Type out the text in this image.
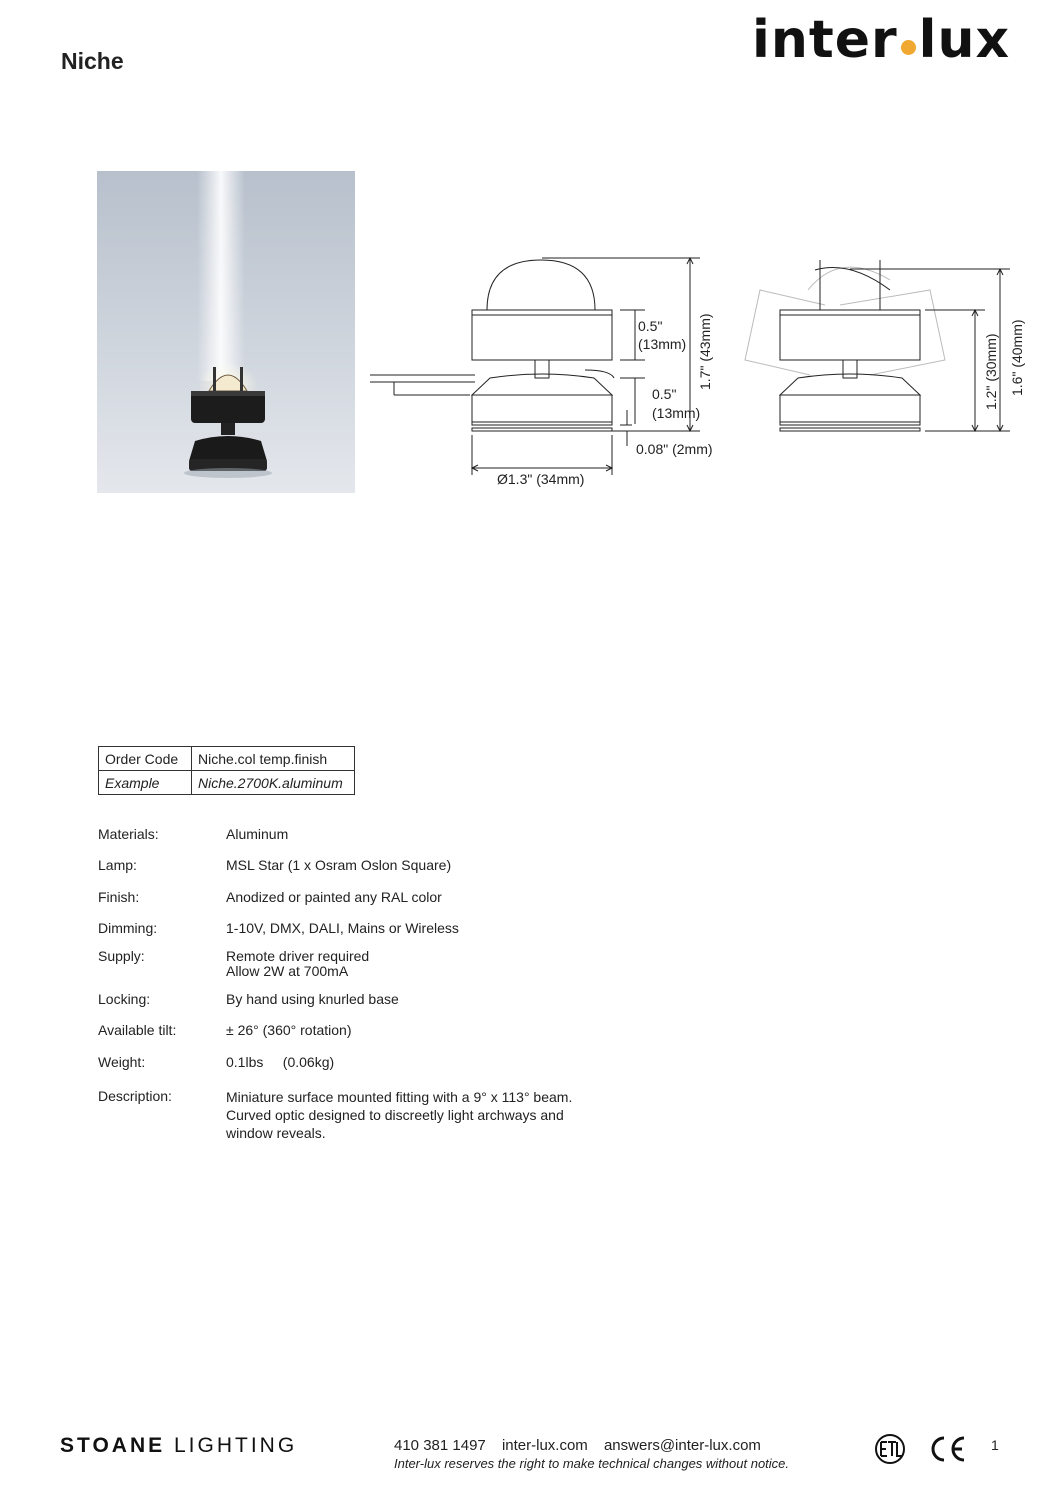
Niche	inter lux
0.5"
(13mm)
0.5"
(13mm)
0.08" (2mm)
Ø1.3" (34mm)
1.7" (43mm)	1.2" (30mm) 1.6" (40mm)
Order Code	Niche.col temp.finish
Example	Niche.2700K.aluminum
Materials:	Aluminum
Lamp:	MSL Star (1 x Osram Oslon Square)
Finish:	Anodized or painted any RAL color
Dimming:	1-10V, DMX, DALI, Mains or Wireless
Supply:	Remote driver required
Allow 2W at 700mA
Locking:	By hand using knurled base
Available tilt:	± 26° (360° rotation)
Weight:	0.1lbs     (0.06kg)
Description:	Miniature surface mounted fitting with a 9° x 113° beam. Curved optic designed to discreetly light archways and window reveals.
STOANE LIGHTING	410 381 1497 inter-lux.com answers@inter-lux.com
Inter-lux reserves the right to make technical changes without notice.
1
